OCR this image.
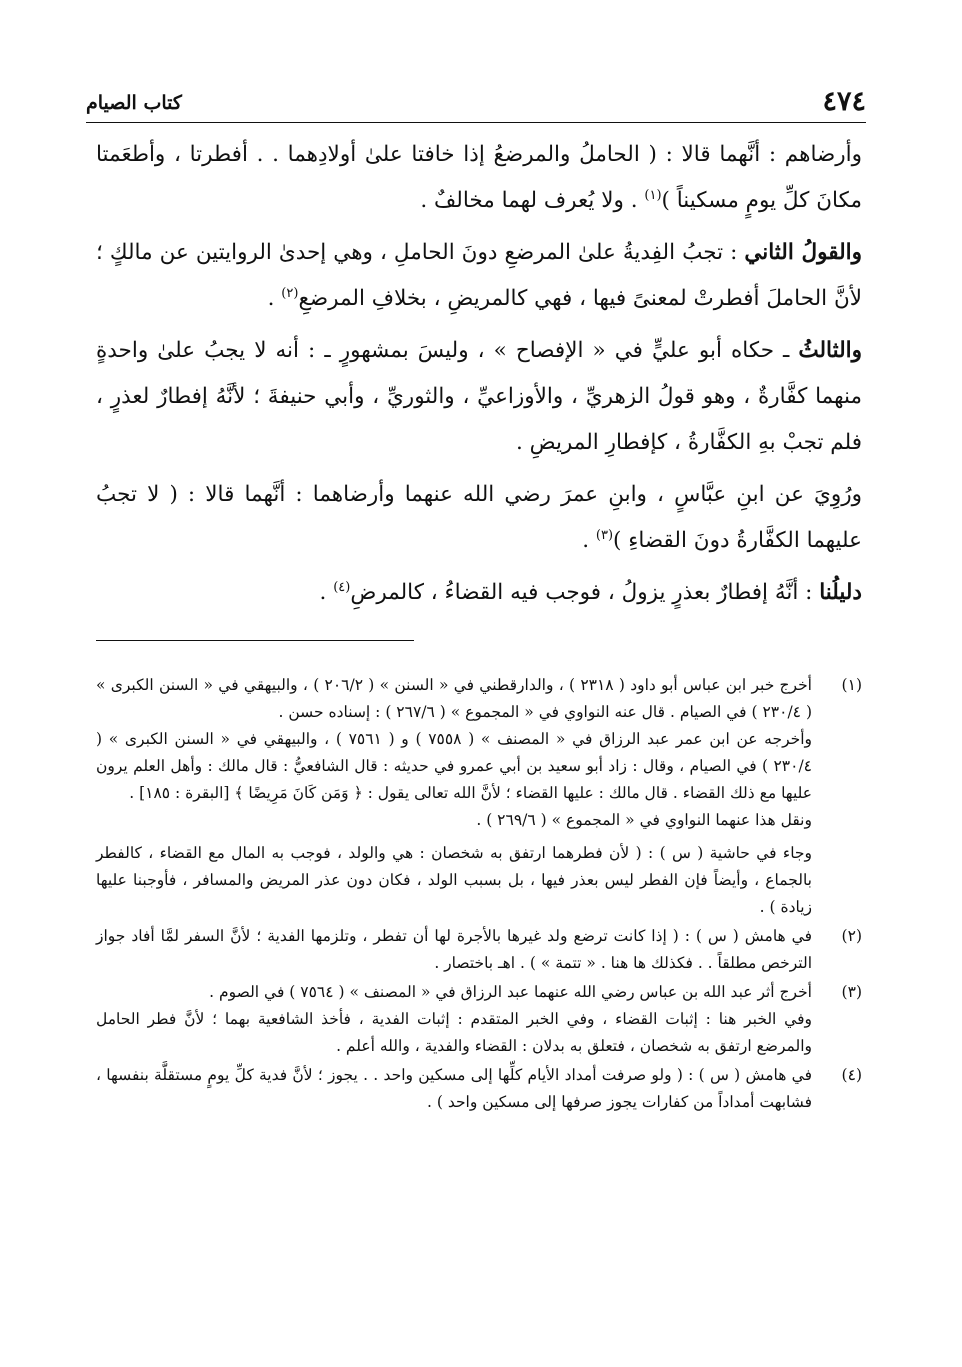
٤٧٤
كتاب الصيام

وأرضاهم : أنَّهما قالا : ( الحاملُ والمرضعُ إذا خافتا علىٰ أولادِهما . . أفطرتا ، وأطعَمتا مكانَ كلِّ يومٍ مسكيناً )$^{(١)}$ . ولا يُعرف لهما مخالفٌ .

والقولُ الثاني : تجبُ الفِديةُ علىٰ المرضعِ دونَ الحاملِ ، وهي إحدىٰ الروايتين عن مالكٍ ؛ لأنَّ الحاملَ أفطرتْ لمعنىً فيها ، فهي كالمريضِ ، بخلافِ المرضعِ$^{(٢)}$ .

والثالثُ ـ حكاه أبو عليٍّ في « الإفصاح » ، وليسَ بمشهورٍ ـ : أنه لا يجبُ علىٰ واحدةٍ منهما كفَّارةٌ ، وهو قولُ الزهريِّ ، والأوزاعيِّ ، والثوريِّ ، وأبي حنيفةَ ؛ لأنَّهُ إفطارٌ لعذرٍ ، فلم تجبْ بهِ الكفَّارةُ ، كإفطارِ المريضِ .

ورُوِيَ عن ابنِ عبَّاسٍ ، وابنِ عمرَ رضي الله عنهما وأرضاهما : أنَّهما قالا : ( لا تجبُ عليهما الكفَّارةُ دونَ القضاءِ )$^{(٣)}$ .

دليلُنا : أنَّهُ إفطارٌ بعذرٍ يزولُ ، فوجب فيه القضاءُ ، كالمرضِ$^{(٤)}$ .

(١)

أخرج خبر ابن عباس أبو داود ( ٢٣١٨ ) ، والدارقطني في « السنن » ( ٢٠٦/٢ ) ، والبيهقي في « السنن الكبرى » ( ٢٣٠/٤ ) في الصيام . قال عنه النواوي في « المجموع » ( ٢٦٧/٦ ) : إسناده حسن .

وأخرجه عن ابن عمر عبد الرزاق في « المصنف » ( ٧٥٥٨ ) و ( ٧٥٦١ ) ، والبيهقي في « السنن الكبرى » ( ٢٣٠/٤ ) في الصيام ، وقال : زاد أبو سعيد بن أبي عمرو في حديثه : قال الشافعيُّ : قال مالك : وأهل العلم يرون عليها مع ذلك القضاء . قال مالك : عليها القضاء ؛ لأنَّ الله تعالى يقول : ﴿ وَمَن كَانَ مَرِيضًا ﴾ [البقرة : ١٨٥] .

ونقل هذا عنهما النواوي في « المجموع » ( ٢٦٩/٦ ) .

وجاء في حاشية ( س ) : ( لأن فطرهما ارتفق به شخصان : هي والولد ، فوجب به المال مع القضاء ، كالفطر بالجماع ، وأيضاً فإن الفطر ليس بعذر فيها ، بل بسبب الولد ، فكان دون عذر المريض والمسافر ، فأوجبنا عليها زيادة ) .

(٢)

في هامش ( س ) : ( إذا كانت ترضع ولد غيرها بالأجرة لها أن تفطر ، وتلزمها الفدية ؛ لأنَّ السفر لمَّا أفاد جواز الترخص مطلقاً . . فكذلك ها هنا . « تتمة » ) . اهـ باختصار .

(٣)

أخرج أثر عبد الله بن عباس رضي الله عنهما عبد الرزاق في « المصنف » ( ٧٥٦٤ ) في الصوم .

وفي الخبر هنا : إثبات القضاء ، وفي الخبر المتقدم : إثبات الفدية ، فأخذ الشافعية بهما ؛ لأنَّ فطر الحامل والمرضع ارتفق به شخصان ، فتعلق به بدلان : القضاء والفدية ، والله أعلم .

(٤)

في هامش ( س ) : ( ولو صرفت أمداد الأيام كلِّها إلى مسكين واحد . . يجوز ؛ لأنَّ فدية كلِّ يومٍ مستقلَّة بنفسها ، فشابهت أمداداً من كفارات يجوز صرفها إلى مسكين واحد ) .
